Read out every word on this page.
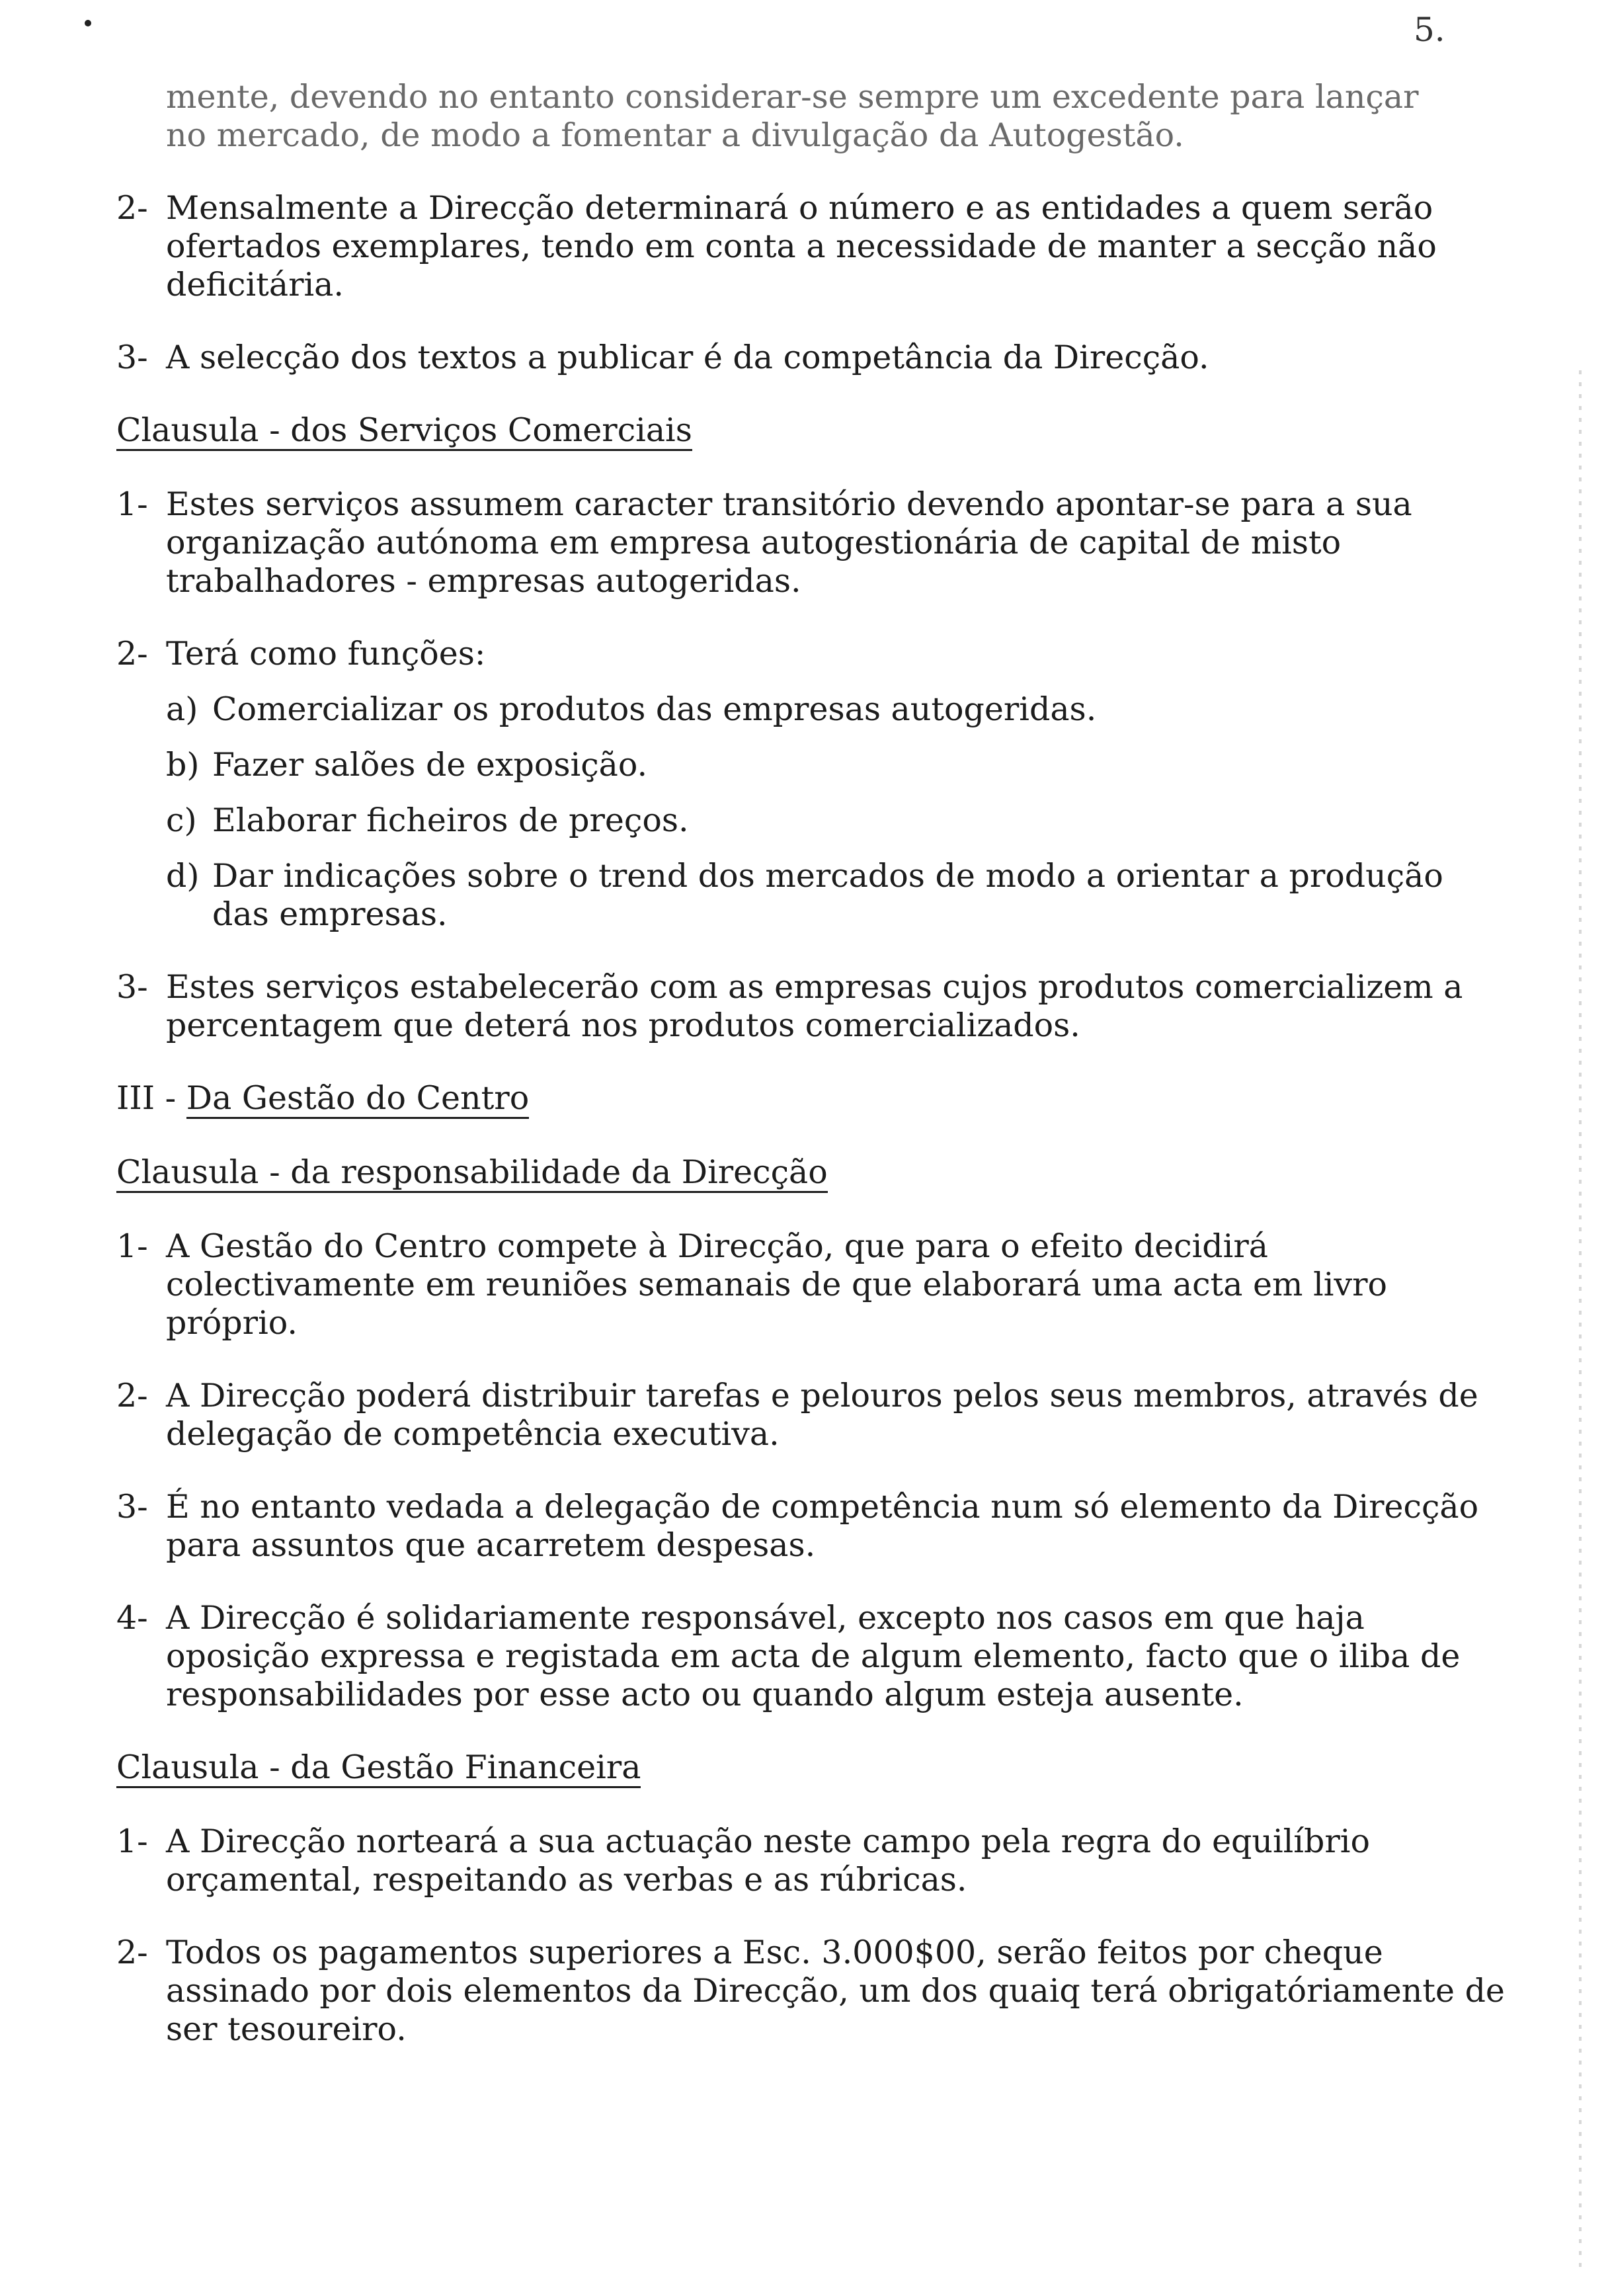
5.
mente, devendo no entanto considerar-se sempre um excedente para lançar
no mercado, de modo a fomentar a divulgação da Autogestão.
2- Mensalmente a Direcção determinará o número e as entidades a quem serão ofertados exemplares, tendo em conta a necessidade de manter a secção não deficitária.
3- A selecção dos textos a publicar é da competância da Direcção.
Clausula - dos Serviços Comerciais
1- Estes serviços assumem caracter transitório devendo apontar-se para a sua organização autónoma em empresa autogestionária de capital de misto trabalhadores - empresas autogeridas.
2- Terá como funções:
a) Comercializar os produtos das empresas autogeridas.
b) Fazer salões de exposição.
c) Elaborar ficheiros de preços.
d) Dar indicações sobre o trend dos mercados de modo a orientar a produção das empresas.
3- Estes serviços estabelecerão com as empresas cujos produtos comercializem a percentagem que deterá nos produtos comercializados.
III - Da Gestão do Centro
Clausula - da responsabilidade da Direcção
1- A Gestão do Centro compete à Direcção, que para o efeito decidirá colectivamente em reuniões semanais de que elaborará uma acta em livro próprio.
2- A Direcção poderá distribuir tarefas e pelouros pelos seus membros, através de delegação de competência executiva.
3- É no entanto vedada a delegação de competência num só elemento da Direcção para assuntos que acarretem despesas.
4- A Direcção é solidariamente responsável, excepto nos casos em que haja oposição expressa e registada em acta de algum elemento, facto que o iliba de responsabilidades por esse acto ou quando algum esteja ausente.
Clausula - da Gestão Financeira
1- A Direcção norteará a sua actuação neste campo pela regra do equilíbrio orçamental, respeitando as verbas e as rúbricas.
2- Todos os pagamentos superiores a Esc. 3.000$00, serão feitos por cheque assinado por dois elementos da Direcção, um dos quaiq terá obrigatóriamente de ser tesoureiro.
